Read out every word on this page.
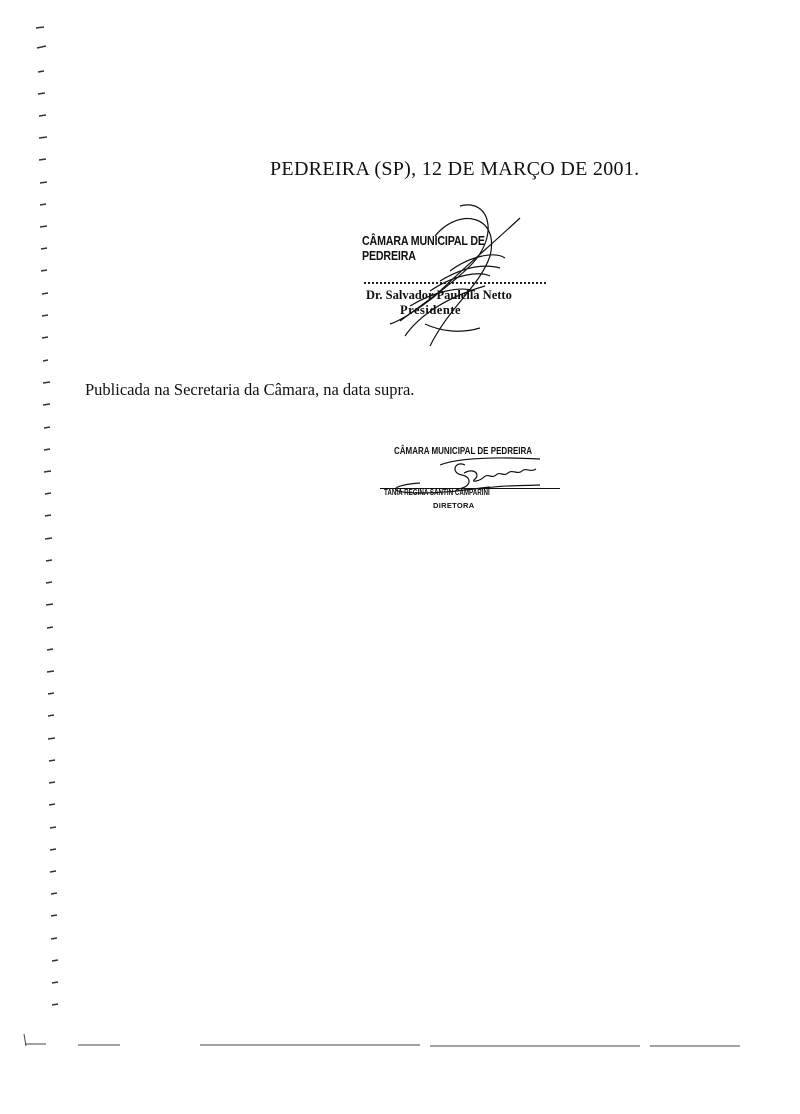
PEDREIRA (SP), 12 DE MARÇO DE 2001.
CÂMARA MUNICIPAL DE PEDREIRA
Dr. Salvador Paulella Netto
Presidente
Publicada na Secretaria da Câmara, na data supra.
CÂMARA MUNICIPAL DE PEDREIRA
TANIA REGINA SANTIN CAMPARINI
DIRETORA
